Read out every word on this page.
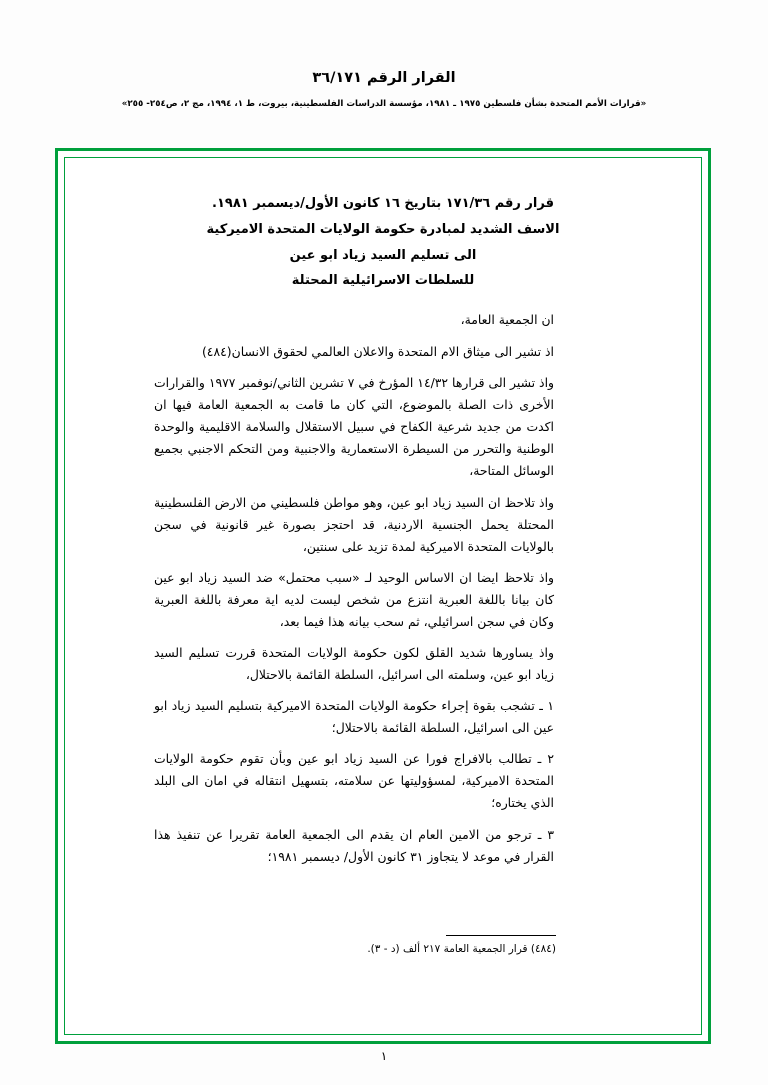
القرار الرقم ٣٦/١٧١
«قرارات الأمم المتحدة بشأن فلسطين ١٩٧٥ ـ ١٩٨١، مؤسسة الدراسات الفلسطينية، بيروت، ط ١، ١٩٩٤، مج ٢، ص٢٥٤- ٢٥٥»
قرار رقم ١٧١/٣٦ بتاريخ ١٦ كانون الأول/ديسمبر ١٩٨١.
الاسف الشديد لمبادرة حكومة الولايات المتحدة الاميركية
الى تسليم السيد زياد ابو عين
للسلطات الاسرائيلية المحتلة

ان الجمعية العامة،

اذ تشير الى ميثاق الام المتحدة والاعلان العالمي لحقوق الانسان(٤٨٤)

واذ تشير الى قرارها ١٤/٣٢ المؤرخ في ٧ تشرين الثاني/نوفمبر ١٩٧٧ والقرارات الأخرى ذات الصلة بالموضوع، التي كان ما قامت به الجمعية العامة فيها ان اكدت من جديد شرعية الكفاح في سبيل الاستقلال والسلامة الاقليمية والوحدة الوطنية والتحرر من السيطرة الاستعمارية والاجنبية ومن التحكم الاجنبي بجميع الوسائل المتاحة،

واذ تلاحظ ان السيد زياد ابو عين، وهو مواطن فلسطيني من الارض الفلسطينية المحتلة يحمل الجنسية الاردنية، قد احتجز بصورة غير قانونية في سجن بالولايات المتحدة الاميركية لمدة تزيد على سنتين،

واذ تلاحظ ايضا ان الاساس الوحيد لـ «سبب محتمل» ضد السيد زياد ابو عين كان بيانا باللغة العبرية انتزع من شخص ليست لديه اية معرفة باللغة العبرية وكان في سجن اسرائيلي، ثم سحب بيانه هذا فيما بعد،

واذ يساورها شديد القلق لكون حكومة الولايات المتحدة قررت تسليم السيد زياد ابو عين، وسلمته الى اسرائيل، السلطة القائمة بالاحتلال،

١ ـ تشجب بقوة إجراء حكومة الولايات المتحدة الاميركية بتسليم السيد زياد ابو عين الى اسرائيل، السلطة القائمة بالاحتلال؛

٢ ـ تطالب بالافراج فورا عن السيد زياد ابو عين وبأن تقوم حكومة الولايات المتحدة الاميركية، لمسؤوليتها عن سلامته، بتسهيل انتقاله في امان الى البلد الذي يختاره؛

٣ ـ ترجو من الامين العام ان يقدم الى الجمعية العامة تقريرا عن تنفيذ هذا القرار في موعد لا يتجاوز ٣١ كانون الأول/ ديسمبر ١٩٨١؛

(٤٨٤) قرار الجمعية العامة ٢١٧ ألف (د - ٣).
١
